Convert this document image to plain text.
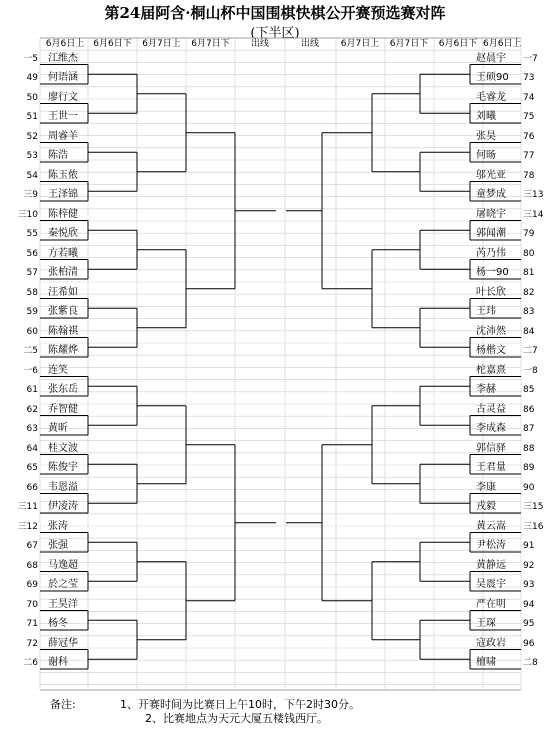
第24届阿含·桐山杯中国围棋快棋公开赛预选赛对阵
(下半区)
6月6日上	6月6日下	6月7日上	6月7日下	出线	出线	6月7日上	6月7日下	6月6日下 6月6日上
一5 江维杰
49 何语涵
50 廖行文
51 王世一
52 周睿羊
53 陈浩
54 陈玉侬
三9 王泽锦
三10 陈梓健
55 秦悦欣
56 方若曦
57 张柏清
58 汪希如
59 张紫良
60 陈翰祺
二5 陈耀烨
一6 连笑
61 张东岳
62 乔智健
63 黄昕
64 桂文波
65 陈俊宇
66 韦恩溢
三11 伊凌涛
三12 张涛
67 张强
68 马逸超
69 於之莹
70 王昊洋
71 杨冬
72 薛冠华
二6 谢科
赵晨宇 一7
王硕90 73
毛睿龙 74
刘曦	75
张昊	76
何旸	77
邬光亚 78
童梦成 三13
屠晓宇 三14
郭闻潮 79
芮乃伟 80
杨一90 81
叶长欣 82
王玮	83
沈沛然 84
杨楷文 二7
柁嘉熹 一8
李赫	85
古灵益 86
李成森 87
郭信驿 88
王君量 89
李康	90
戎毅	三15
黄云嵩 三16
尹松涛 91
黄静远 92
吴震宇 93
严在明 94
王琛	95
寇政岩 96
檀啸	二8
备注:	1、开赛时间为比赛日上午10时，下午2时30分。
2、比赛地点为天元大厦五楼钱西厅。
